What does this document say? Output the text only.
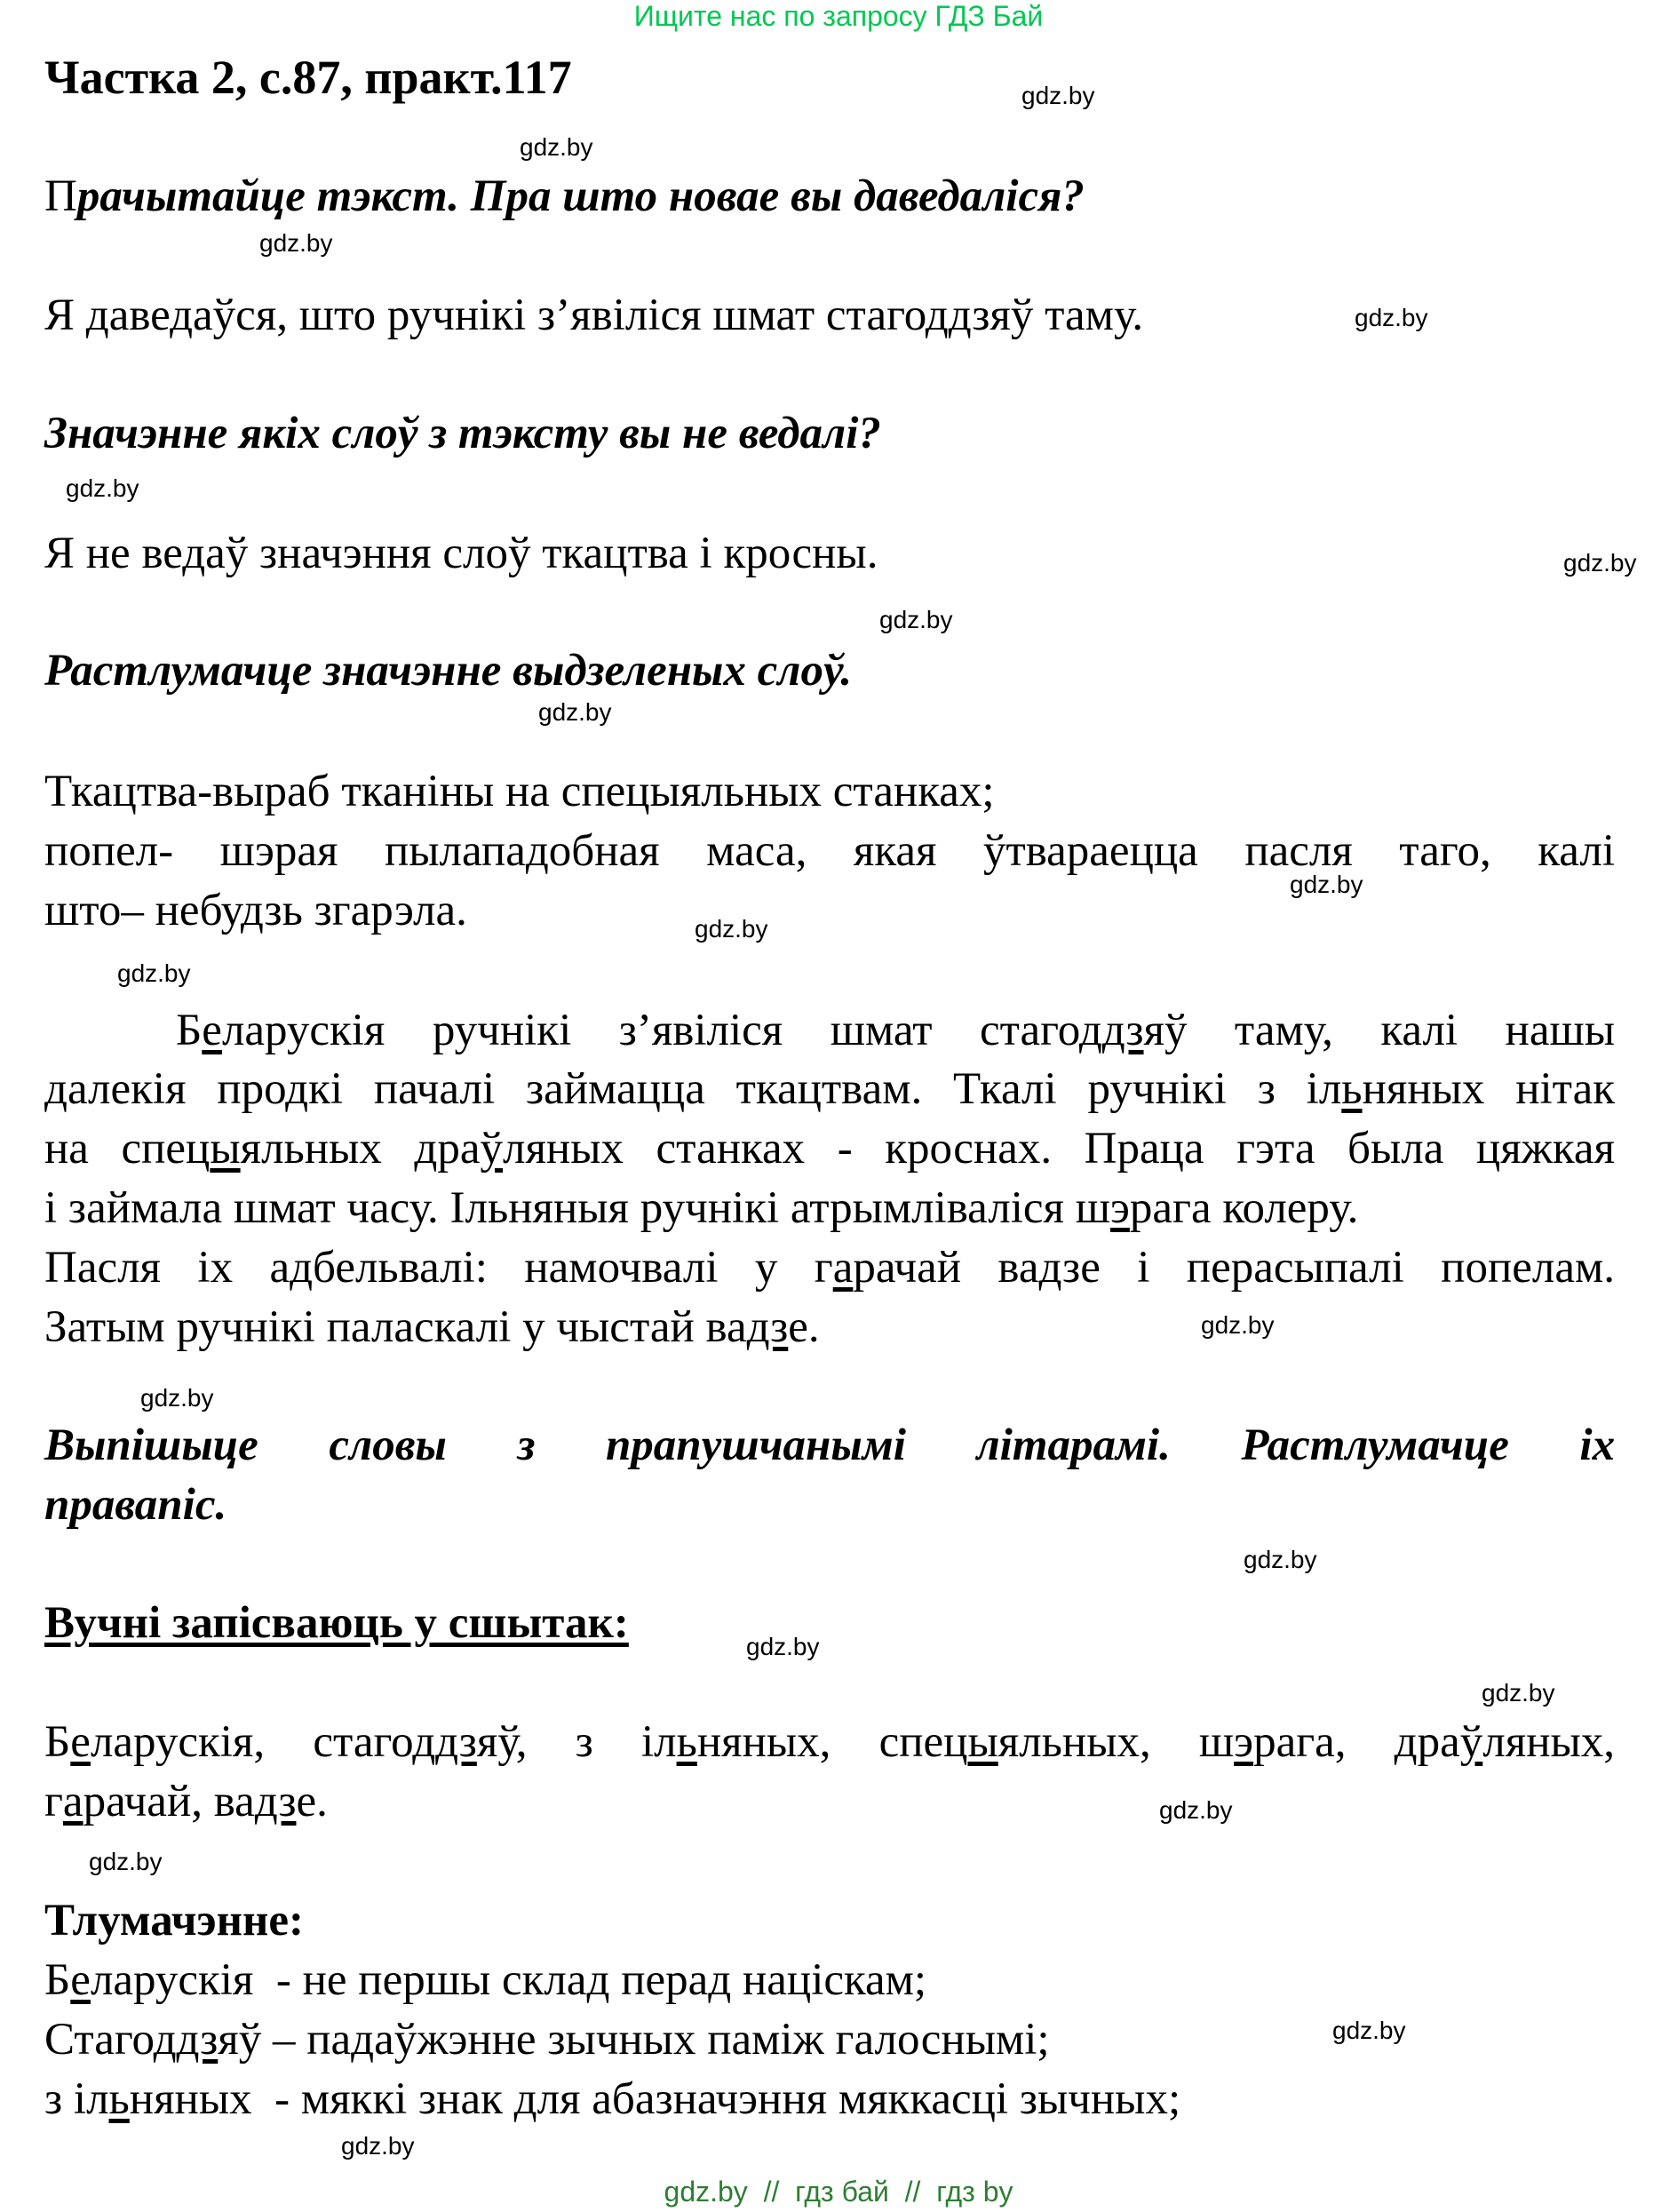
Ищите нас по запросу ГДЗ Бай
Частка 2, с.87, практ.117
Прачытайце тэкст. Пра што новае вы даведаліся?
Я даведаўся, што ручнікі з’явіліся шмат стагоддзяў таму.
Значэнне якіх слоў з тэксту вы не ведалі?
Я не ведаў значэння слоў ткацтва і кросны.
Растлумачце значэнне выдзеленых слоў.
Ткацтва-выраб тканіны на спецыяльных станках;
попел- шэрая пылападобная маса, якая ўтвараецца пасля таго, калі
што– небудзь згарэла.
Беларускія ручнікі з’явіліся шмат стагоддзяў таму, калі нашы
далекія продкі пачалі займацца ткацтвам. Ткалі ручнікі з ільняных нітак
на спецыяльных драўляных станках - кроснах. Праца гэта была цяжкая
і займала шмат часу. Ільняныя ручнікі атрымліваліся шэрага колеру.
Пасля іх адбельвалі: намочвалі у гарачай вадзе і перасыпалі попелам.
Затым ручнікі паласкалі у чыстай вадзе.
Выпішыце словы з прапушчанымі літарамі. Растлумачце іх
правапіс.
Вучні запісваюць у сшытак:
Беларускія, стагоддзяў, з ільняных, спецыяльных, шэрага, драўляных,
гарачай, вадзе.
Тлумачэнне:
Беларускія  - не першы склад перад націскам;
Стагоддзяў – падаўжэнне зычных паміж галоснымі;
з ільняных  - мяккі знак для абазначэння мяккасці зычных;
gdz.by
gdz.by
gdz.by
gdz.by
gdz.by
gdz.by
gdz.by
gdz.by
gdz.by
gdz.by
gdz.by
gdz.by
gdz.by
gdz.by
gdz.by
gdz.by
gdz.by
gdz.by
gdz.by
gdz.by
gdz.by  //  гдз бай  //  гдз by
